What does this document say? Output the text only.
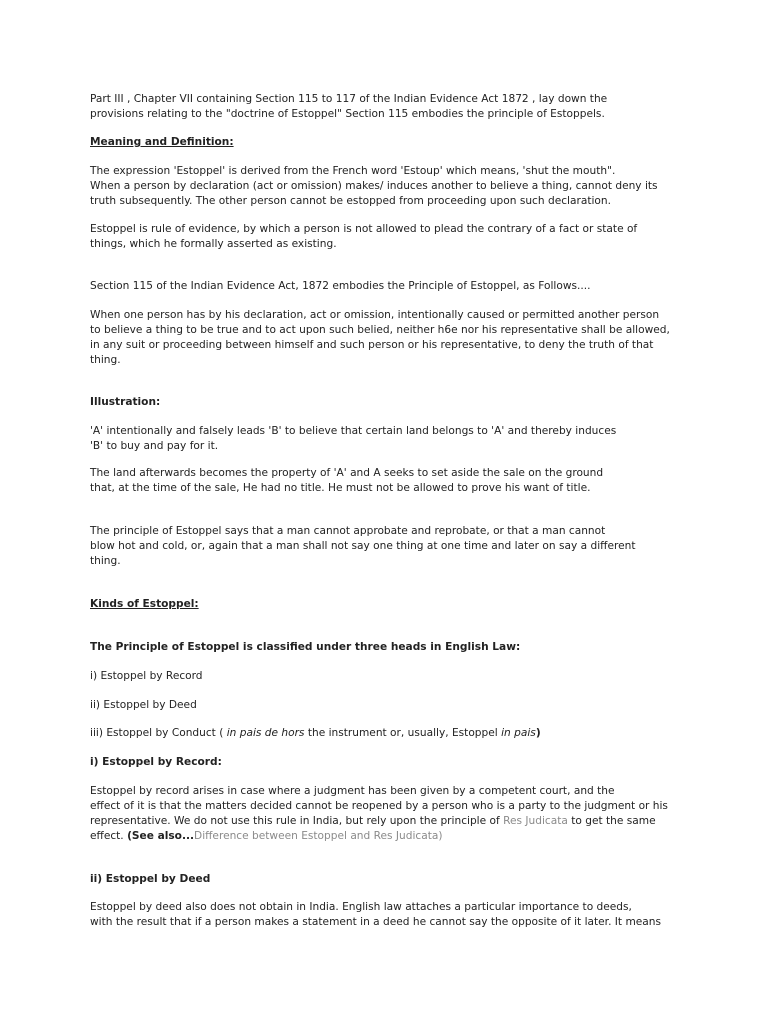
Part III , Chapter VII containing Section 115 to 117 of the Indian Evidence Act 1872 , lay down the
provisions relating to the "doctrine of Estoppel" Section 115 embodies the principle of Estoppels.

Meaning and Definition:

The expression 'Estoppel' is derived from the French word 'Estoup' which means, 'shut the mouth".
When a person by declaration (act or omission) makes/ induces another to believe a thing, cannot deny its
truth subsequently. The other person cannot be estopped from proceeding upon such declaration.

Estoppel is rule of evidence, by which a person is not allowed to plead the contrary of a fact or state of
things, which he formally asserted as existing.

Section 115 of the Indian Evidence Act, 1872 embodies the Principle of Estoppel, as Follows....

When one person has by his declaration, act or omission, intentionally caused or permitted another person
to believe a thing to be true and to act upon such belied, neither h6e nor his representative shall be allowed,
in any suit or proceeding between himself and such person or his representative, to deny the truth of that
thing.

Illustration:

'A' intentionally and falsely leads 'B' to believe that certain land belongs to 'A' and thereby induces
'B' to buy and pay for it.

The land afterwards becomes the property of 'A' and A seeks to set aside the sale on the ground
that, at the time of the sale, He had no title. He must not be allowed to prove his want of title.

The principle of Estoppel says that a man cannot approbate and reprobate, or that a man cannot
blow hot and cold, or, again that a man shall not say one thing at one time and later on say a different
thing.

Kinds of Estoppel:

The Principle of Estoppel is classified under three heads in English Law:

i) Estoppel by Record

ii) Estoppel by Deed

iii) Estoppel by Conduct ( in pais de hors the instrument or, usually, Estoppel in pais)

i) Estoppel by Record:

Estoppel by record arises in case where a judgment has been given by a competent court, and the
effect of it is that the matters decided cannot be reopened by a person who is a party to the judgment or his
representative. We do not use this rule in India, but rely upon the principle of Res Judicata to get the same
effect. (See also...Difference between Estoppel and Res Judicata)

ii) Estoppel by Deed

Estoppel by deed also does not obtain in India. English law attaches a particular importance to deeds,
with the result that if a person makes a statement in a deed he cannot say the opposite of it later. It means
